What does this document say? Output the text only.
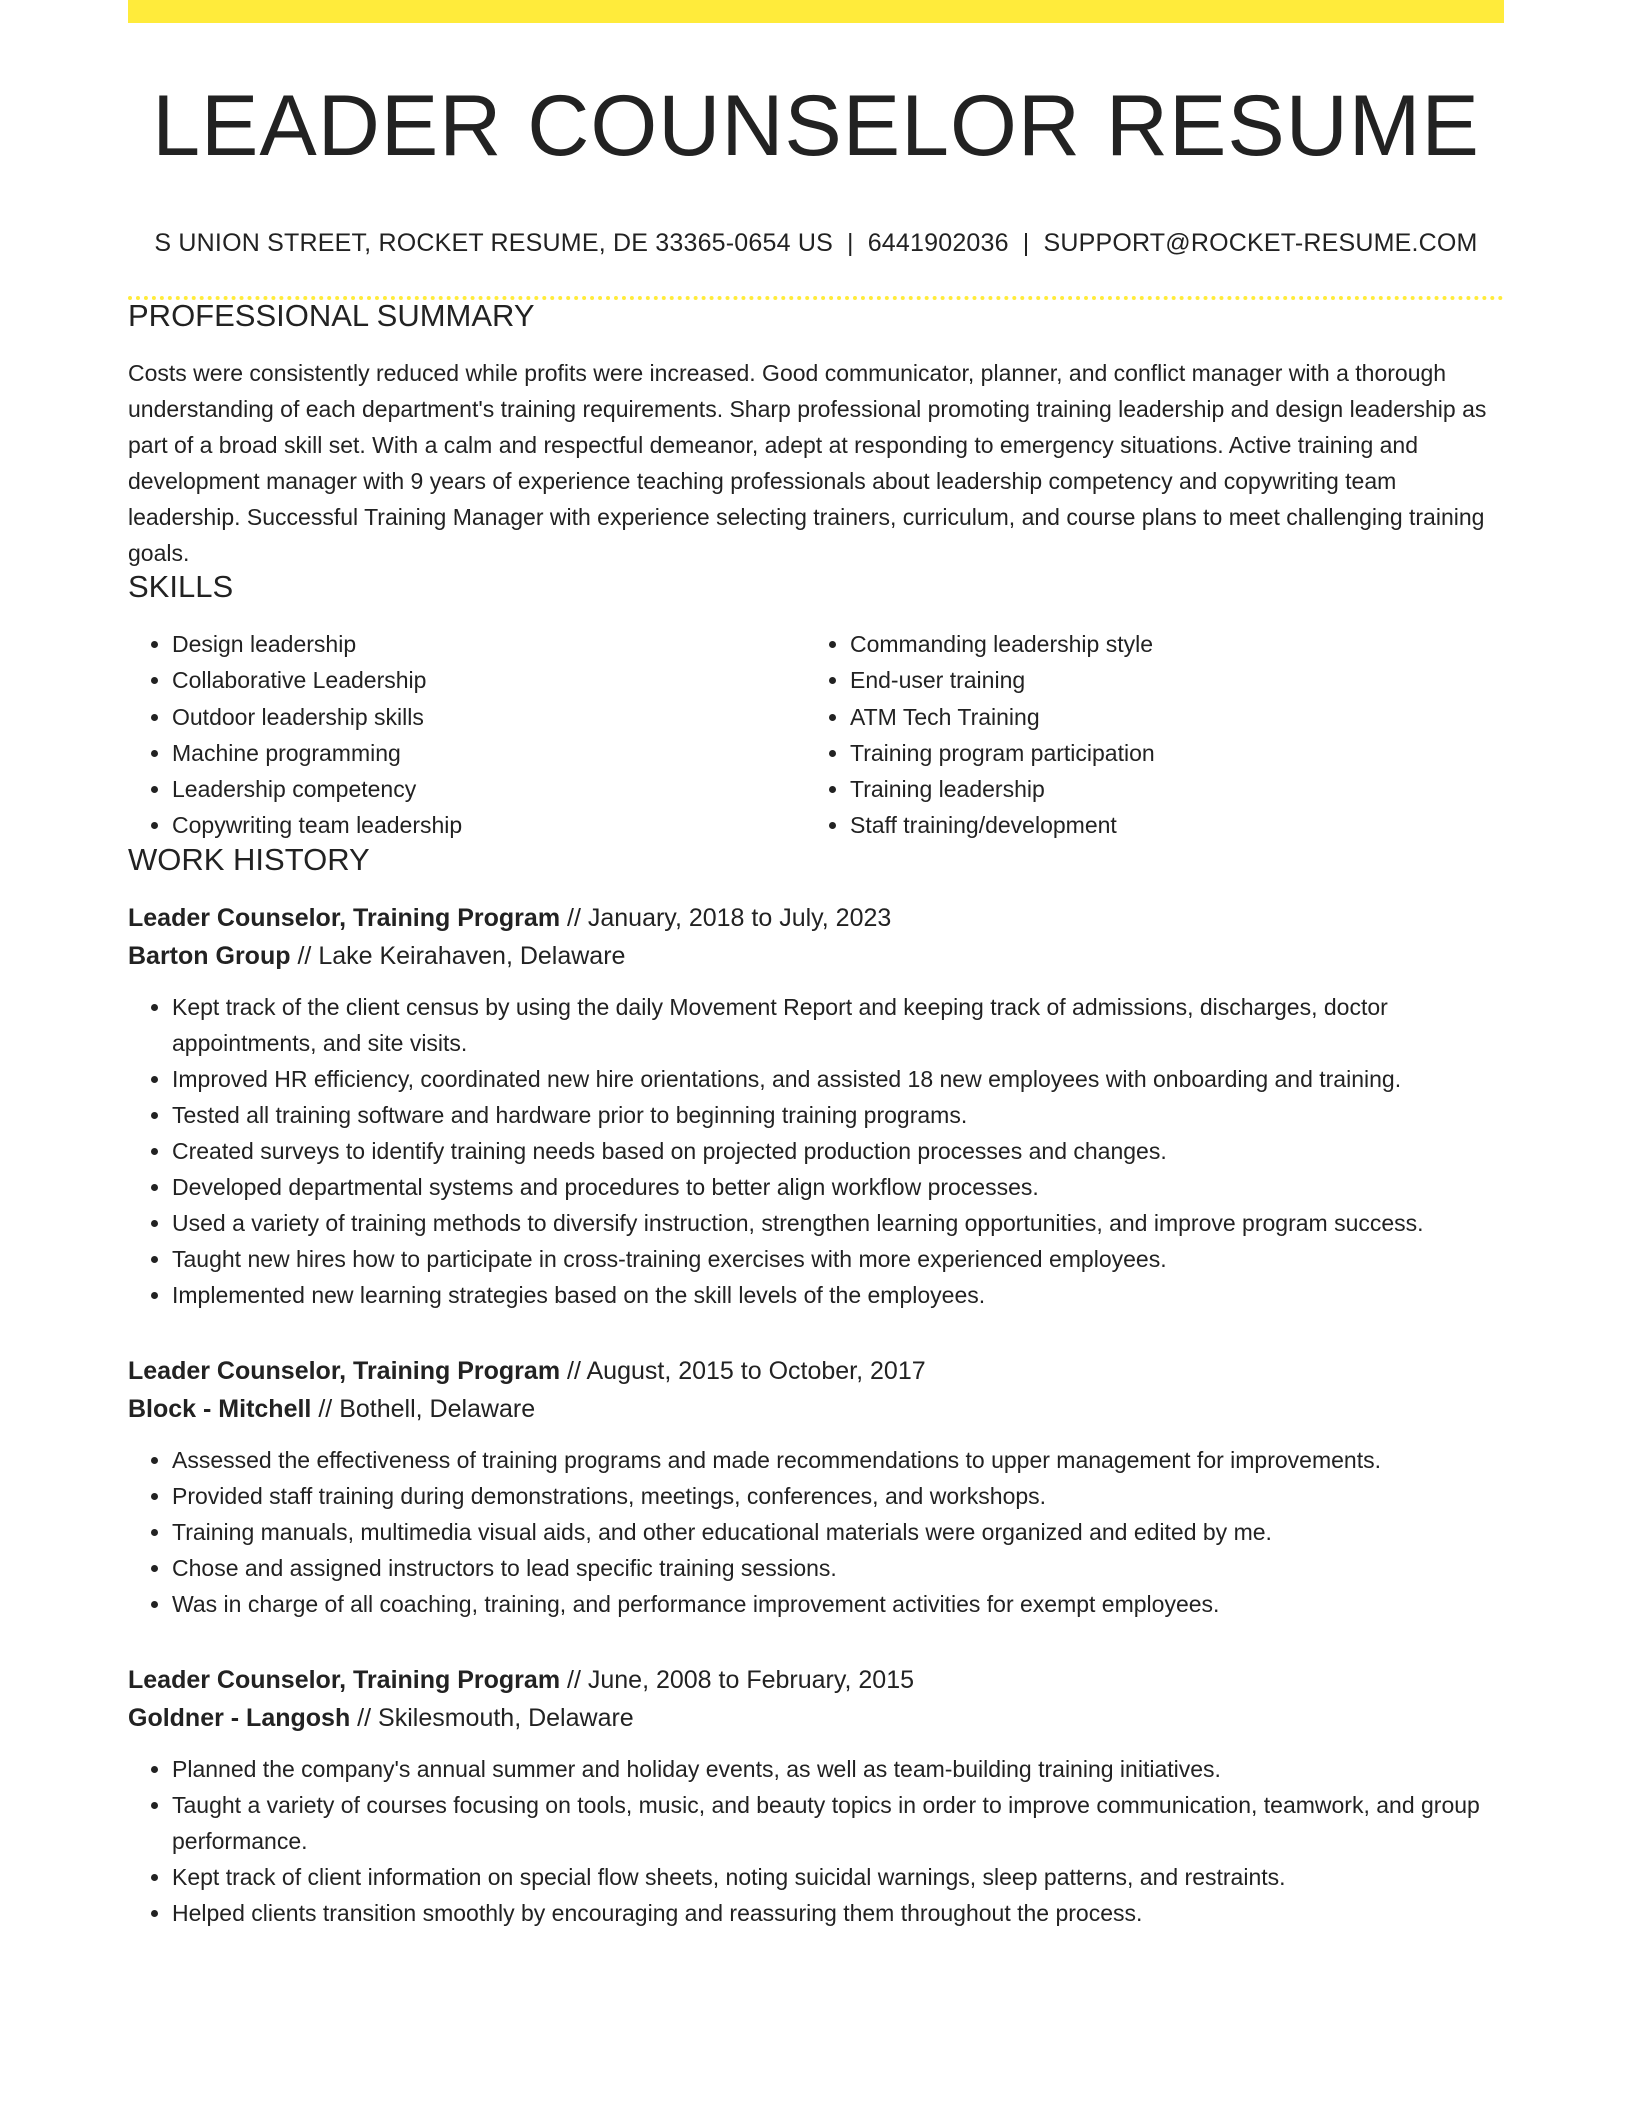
LEADER COUNSELOR RESUME
S UNION STREET, ROCKET RESUME, DE 33365-0654 US | 6441902036 | SUPPORT@ROCKET-RESUME.COM
PROFESSIONAL SUMMARY

Costs were consistently reduced while profits were increased. Good communicator, planner, and conflict manager with a thorough understanding of each department's training requirements. Sharp professional promoting training leadership and design leadership as part of a broad skill set. With a calm and respectful demeanor, adept at responding to emergency situations. Active training and development manager with 9 years of experience teaching professionals about leadership competency and copywriting team leadership. Successful Training Manager with experience selecting trainers, curriculum, and course plans to meet challenging training goals.

SKILLS
• Design leadership
• Collaborative Leadership
• Outdoor leadership skills
• Machine programming
• Leadership competency
• Copywriting team leadership
• Commanding leadership style
• End-user training
• ATM Tech Training
• Training program participation
• Training leadership
• Staff training/development
WORK HISTORY
Leader Counselor, Training Program // January, 2018 to July, 2023
Barton Group // Lake Keirahaven, Delaware
• Kept track of the client census by using the daily Movement Report and keeping track of admissions, discharges, doctor appointments, and site visits.
• Improved HR efficiency, coordinated new hire orientations, and assisted 18 new employees with onboarding and training.
• Tested all training software and hardware prior to beginning training programs.
• Created surveys to identify training needs based on projected production processes and changes.
• Developed departmental systems and procedures to better align workflow processes.
• Used a variety of training methods to diversify instruction, strengthen learning opportunities, and improve program success.
• Taught new hires how to participate in cross-training exercises with more experienced employees.
• Implemented new learning strategies based on the skill levels of the employees.
Leader Counselor, Training Program // August, 2015 to October, 2017
Block - Mitchell // Bothell, Delaware
• Assessed the effectiveness of training programs and made recommendations to upper management for improvements.
• Provided staff training during demonstrations, meetings, conferences, and workshops.
• Training manuals, multimedia visual aids, and other educational materials were organized and edited by me.
• Chose and assigned instructors to lead specific training sessions.
• Was in charge of all coaching, training, and performance improvement activities for exempt employees.
Leader Counselor, Training Program // June, 2008 to February, 2015
Goldner - Langosh // Skilesmouth, Delaware
• Planned the company's annual summer and holiday events, as well as team-building training initiatives.
• Taught a variety of courses focusing on tools, music, and beauty topics in order to improve communication, teamwork, and group performance.
• Kept track of client information on special flow sheets, noting suicidal warnings, sleep patterns, and restraints.
• Helped clients transition smoothly by encouraging and reassuring them throughout the process.
